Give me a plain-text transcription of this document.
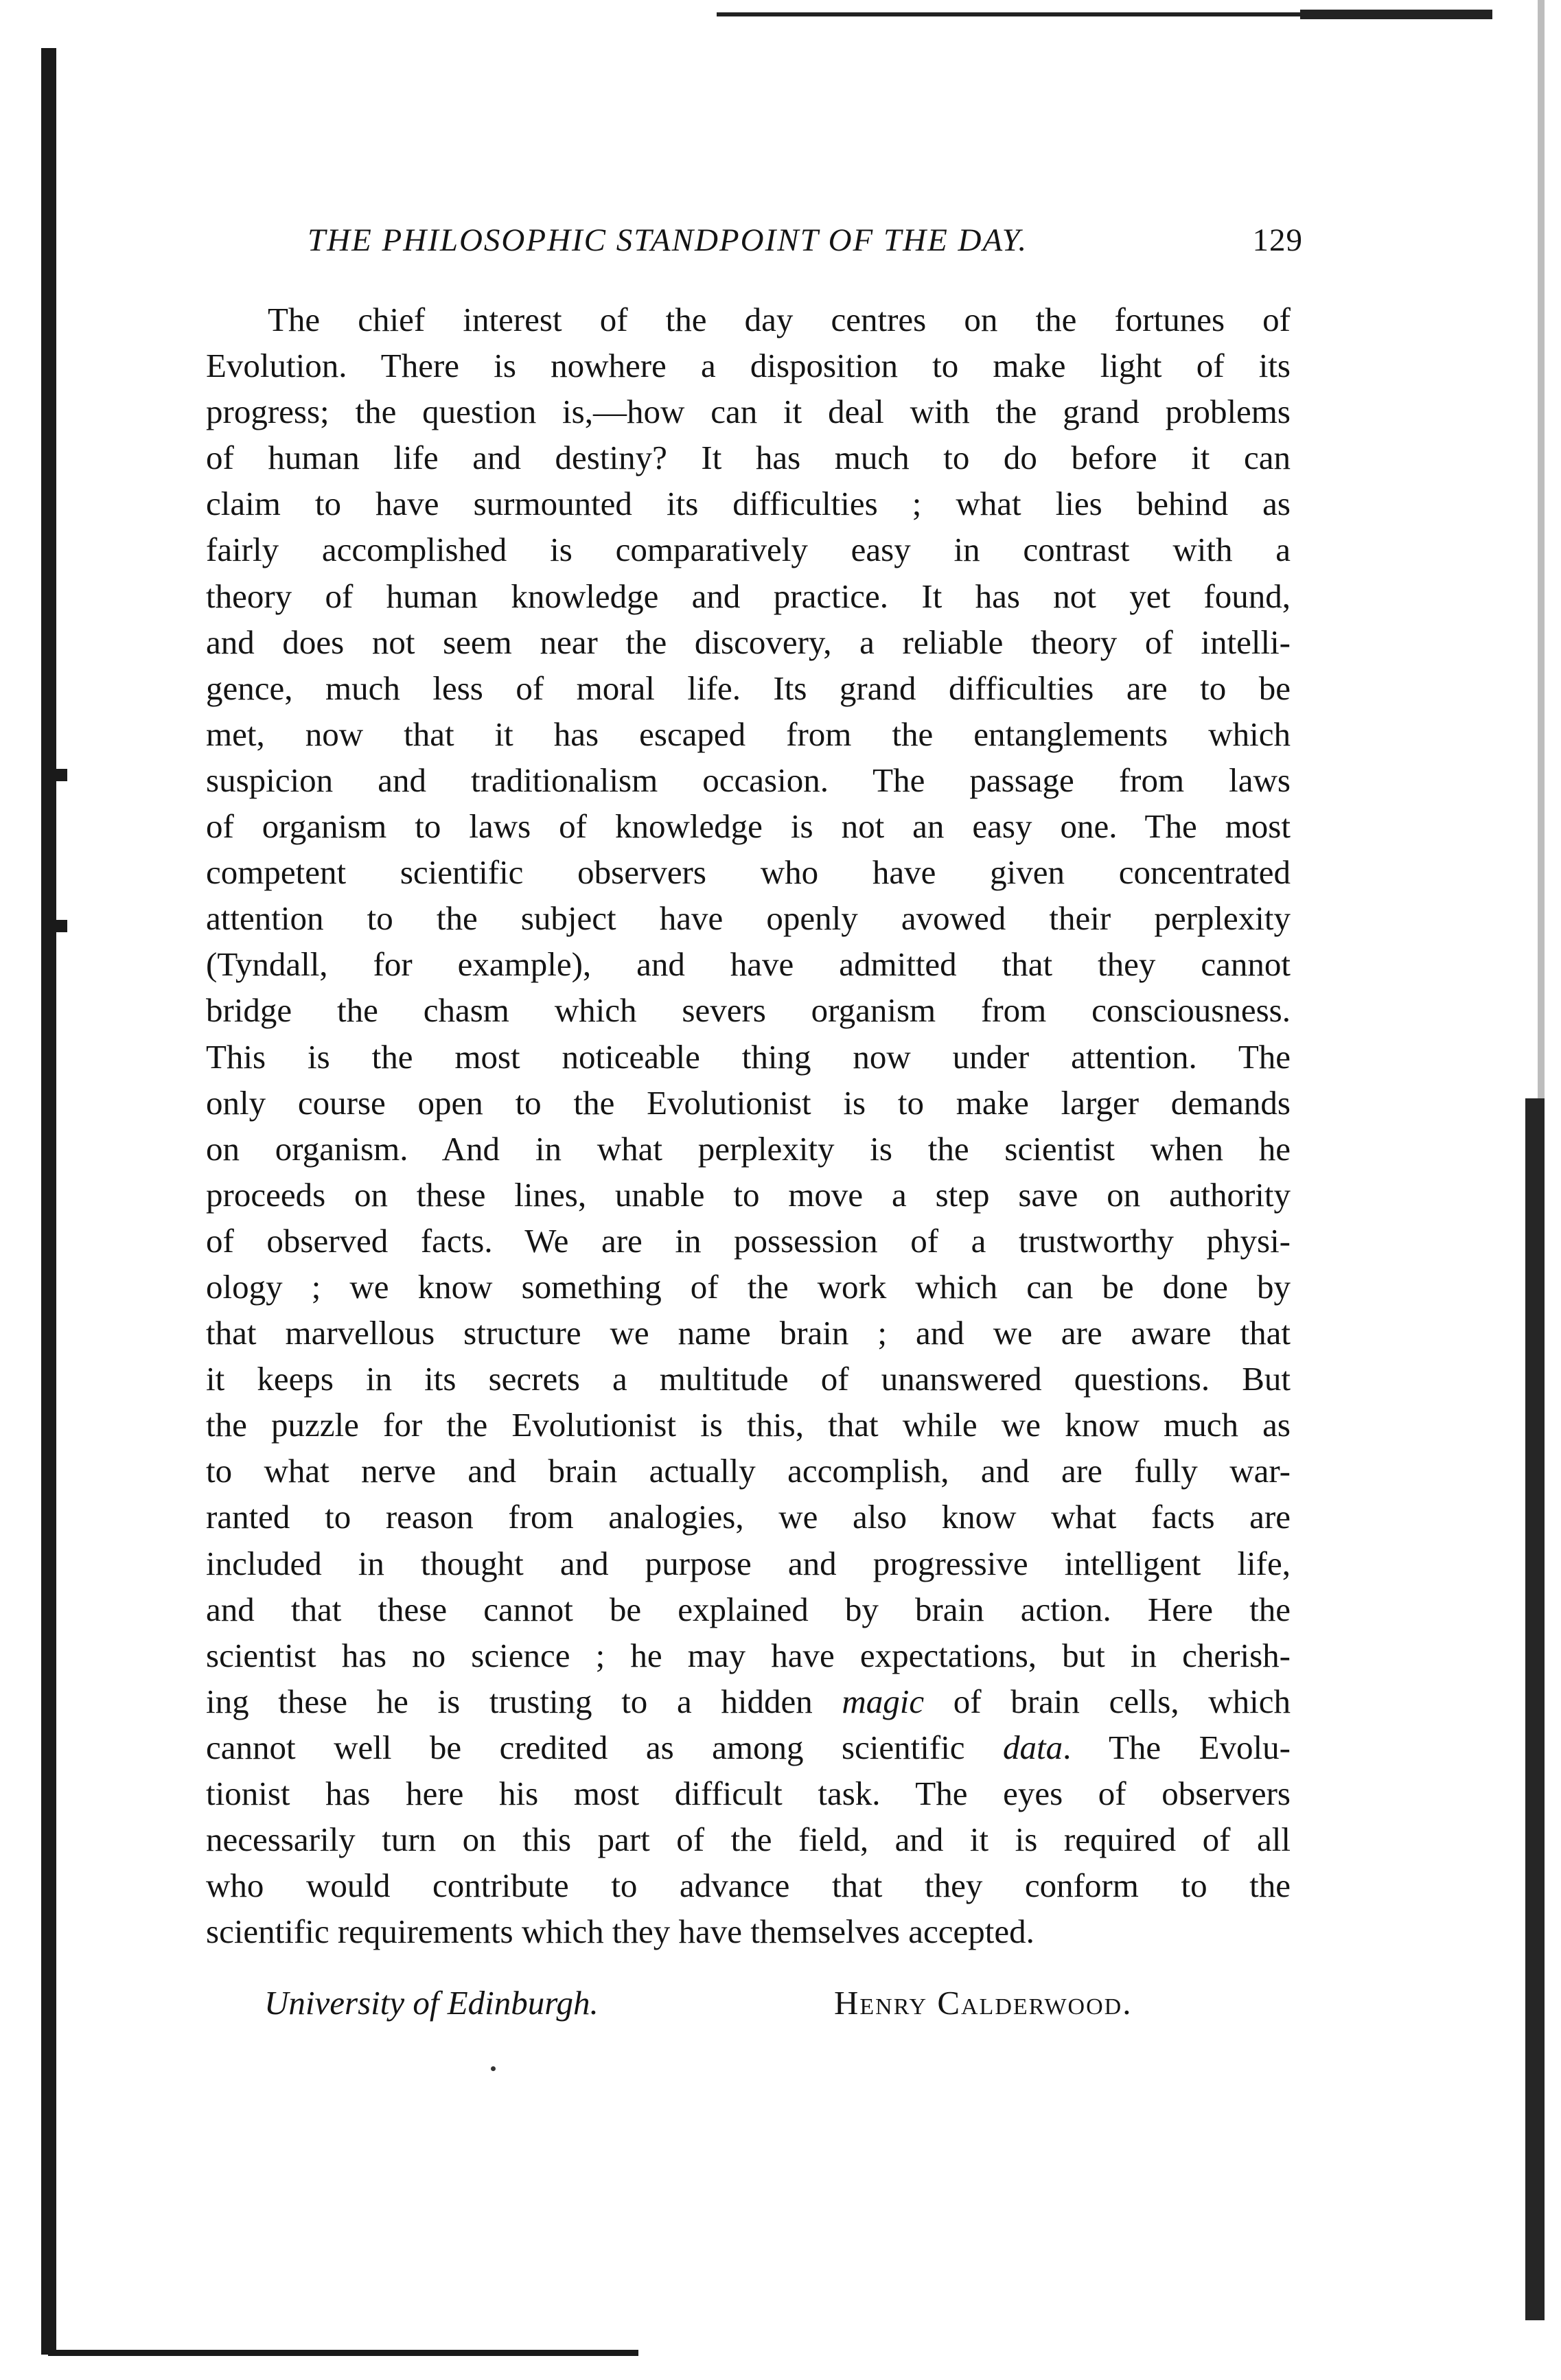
THE PHILOSOPHIC STANDPOINT OF THE DAY.	129
The chief interest of the day centres on the fortunes of
Evolution. There is nowhere a disposition to make light of its
progress; the question is,—how can it deal with the grand problems
of human life and destiny? It has much to do before it can
claim to have surmounted its difficulties ; what lies behind as
fairly accomplished is comparatively easy in contrast with a
theory of human knowledge and practice. It has not yet found,
and does not seem near the discovery, a reliable theory of intelli-
gence, much less of moral life. Its grand difficulties are to be
met, now that it has escaped from the entanglements which
suspicion and traditionalism occasion. The passage from laws
of organism to laws of knowledge is not an easy one. The most
competent scientific observers who have given concentrated
attention to the subject have openly avowed their perplexity
(Tyndall, for example), and have admitted that they cannot
bridge the chasm which severs organism from consciousness.
This is the most noticeable thing now under attention. The
only course open to the Evolutionist is to make larger demands
on organism. And in what perplexity is the scientist when he
proceeds on these lines, unable to move a step save on authority
of observed facts. We are in possession of a trustworthy physi-
ology ; we know something of the work which can be done by
that marvellous structure we name brain ; and we are aware that
it keeps in its secrets a multitude of unanswered questions. But
the puzzle for the Evolutionist is this, that while we know much as
to what nerve and brain actually accomplish, and are fully war-
ranted to reason from analogies, we also know what facts are
included in thought and purpose and progressive intelligent life,
and that these cannot be explained by brain action. Here the
scientist has no science ; he may have expectations, but in cherish-
ing these he is trusting to a hidden magic of brain cells, which
cannot well be credited as among scientific data. The Evolu-
tionist has here his most difficult task. The eyes of observers
necessarily turn on this part of the field, and it is required of all
who would contribute to advance that they conform to the
scientific requirements which they have themselves accepted.
University of Edinburgh.	Henry Calderwood.
